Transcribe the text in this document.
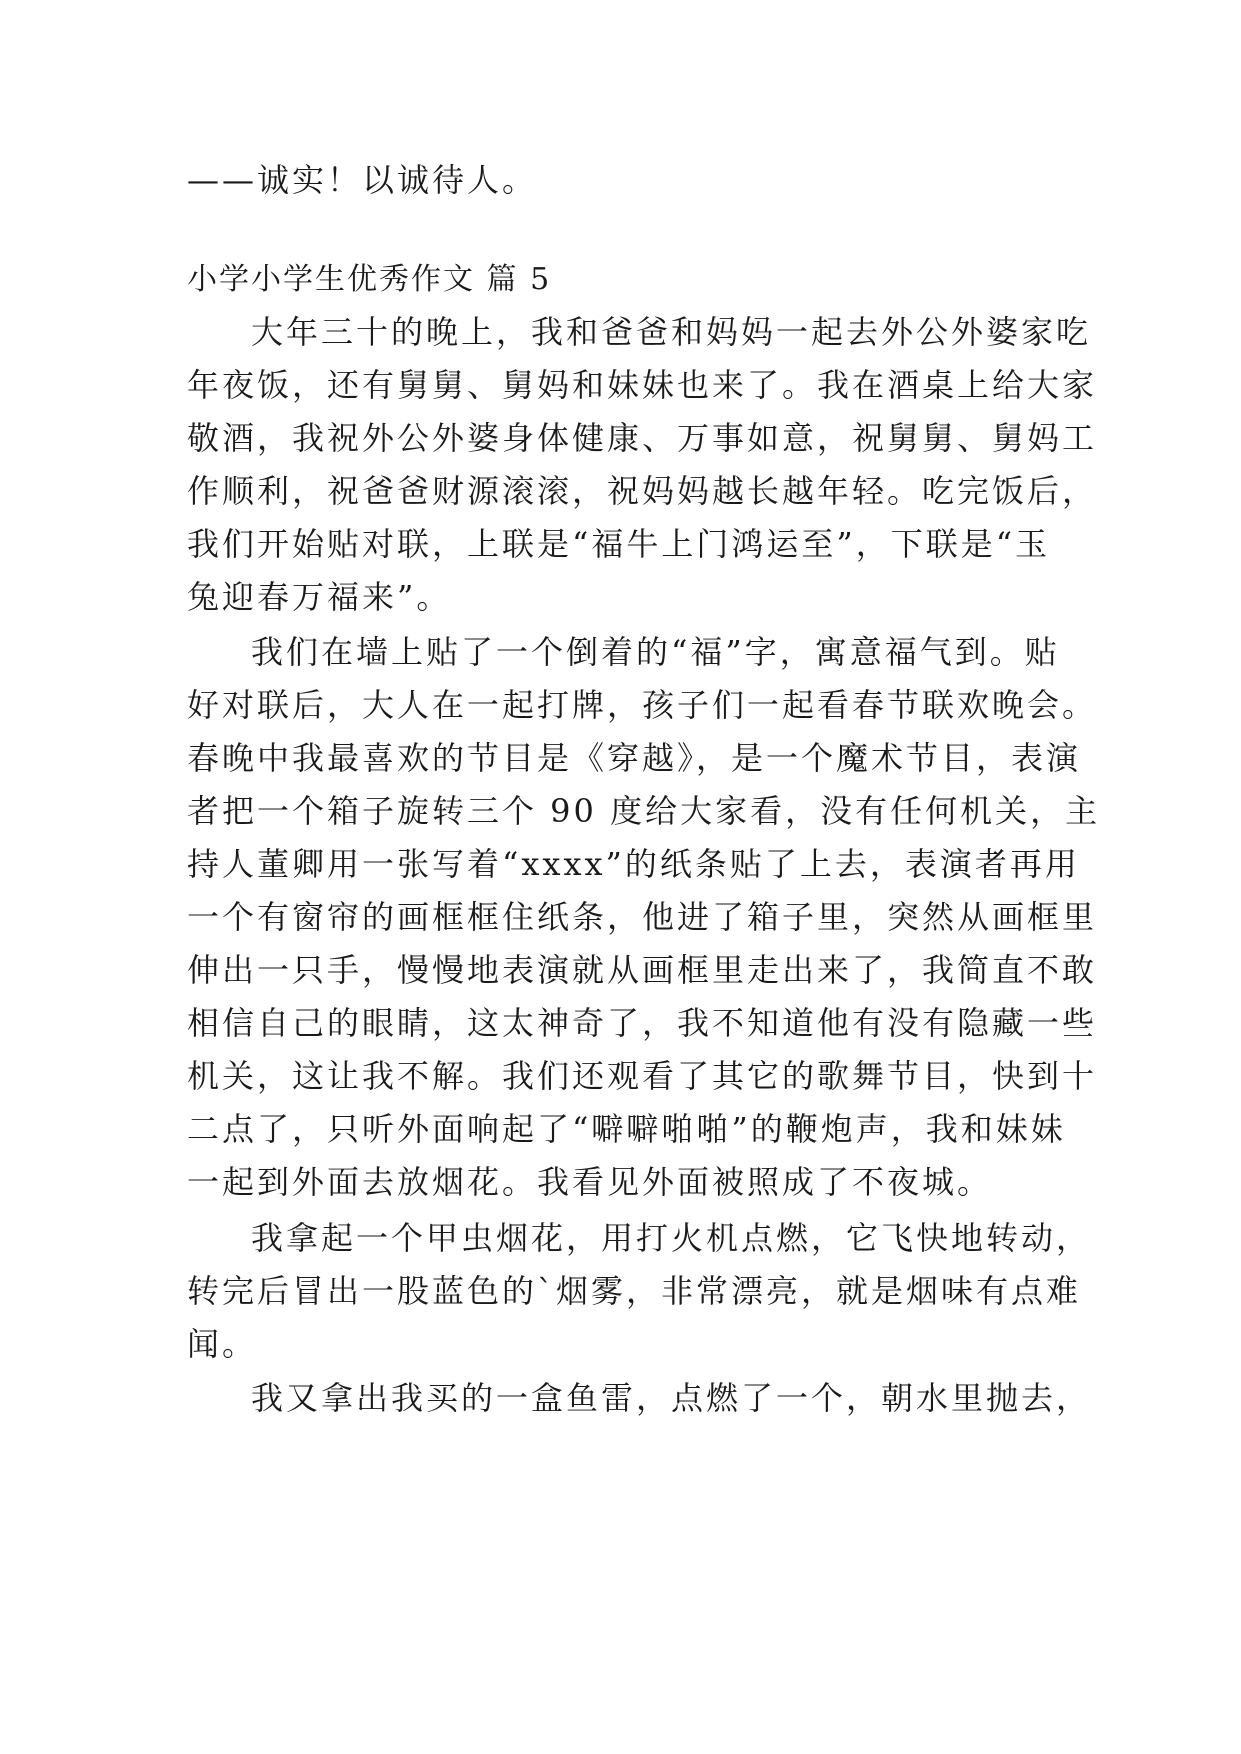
——诚实！以诚待人。
小学小学生优秀作文 篇 5
大年三十的晚上，我和爸爸和妈妈一起去外公外婆家吃
年夜饭，还有舅舅、舅妈和妹妹也来了。我在酒桌上给大家
敬酒，我祝外公外婆身体健康、万事如意，祝舅舅、舅妈工
作顺利，祝爸爸财源滚滚，祝妈妈越长越年轻。吃完饭后，
我们开始贴对联，上联是“福牛上门鸿运至”，下联是“玉
兔迎春万福来”。
我们在墙上贴了一个倒着的“福”字，寓意福气到。贴
好对联后，大人在一起打牌，孩子们一起看春节联欢晚会。
春晚中我最喜欢的节目是《穿越》，是一个魔术节目，表演
者把一个箱子旋转三个 90 度给大家看，没有任何机关，主
持人董卿用一张写着“xxxx”的纸条贴了上去，表演者再用
一个有窗帘的画框框住纸条，他进了箱子里，突然从画框里
伸出一只手，慢慢地表演就从画框里走出来了，我简直不敢
相信自己的眼睛，这太神奇了，我不知道他有没有隐藏一些
机关，这让我不解。我们还观看了其它的歌舞节目，快到十
二点了，只听外面响起了“噼噼啪啪”的鞭炮声，我和妹妹
一起到外面去放烟花。我看见外面被照成了不夜城。
我拿起一个甲虫烟花，用打火机点燃，它飞快地转动，
转完后冒出一股蓝色的`烟雾，非常漂亮，就是烟味有点难
闻。
我又拿出我买的一盒鱼雷，点燃了一个，朝水里抛去，
